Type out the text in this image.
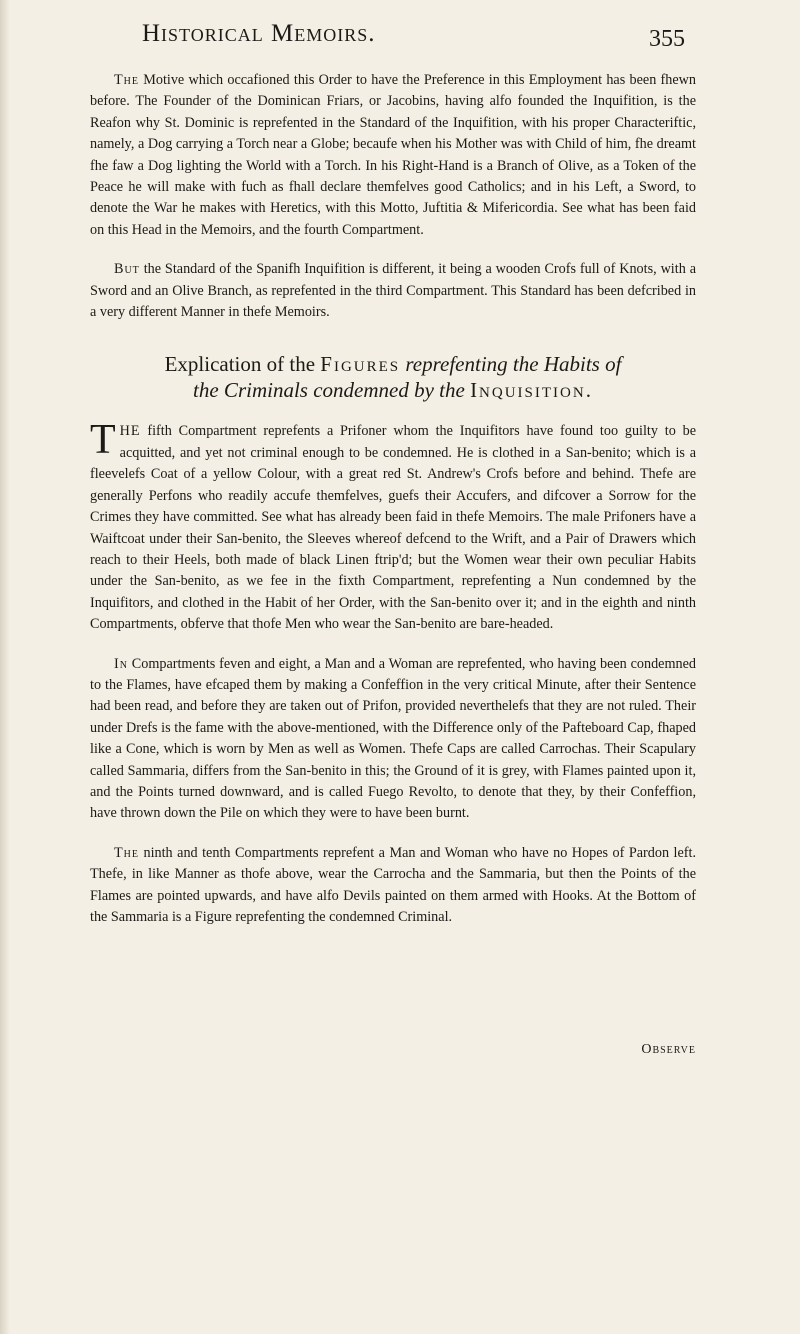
Historical Memoirs.	355

The Motive which occafioned this Order to have the Preference in this Employment has been fhewn before. The Founder of the Dominican Friars, or Jacobins, having alfo founded the Inquifition, is the Reafon why St. Dominic is reprefented in the Standard of the Inquifition, with his proper Characteriftic, namely, a Dog carrying a Torch near a Globe; becaufe when his Mother was with Child of him, fhe dreamt fhe faw a Dog lighting the World with a Torch. In his Right-Hand is a Branch of Olive, as a Token of the Peace he will make with fuch as fhall declare themfelves good Catholics; and in his Left, a Sword, to denote the War he makes with Heretics, with this Motto, Juftitia & Mifericordia. See what has been faid on this Head in the Memoirs, and the fourth Compartment.

But the Standard of the Spanifh Inquifition is different, it being a wooden Crofs full of Knots, with a Sword and an Olive Branch, as reprefented in the third Compartment. This Standard has been defcribed in a very different Manner in thefe Memoirs.

Explication of the Figures reprefenting the Habits of
the Criminals condemned by the Inquisition.

THE fifth Compartment reprefents a Prifoner whom the Inquifitors have found too guilty to be acquitted, and yet not criminal enough to be condemned. He is clothed in a San-benito; which is a fleevelefs Coat of a yellow Colour, with a great red St. Andrew's Crofs before and behind. Thefe are generally Perfons who readily accufe themfelves, guefs their Accufers, and difcover a Sorrow for the Crimes they have committed. See what has already been faid in thefe Memoirs. The male Prifoners have a Waiftcoat under their San-benito, the Sleeves whereof defcend to the Wrift, and a Pair of Drawers which reach to their Heels, both made of black Linen ftrip'd; but the Women wear their own peculiar Habits under the San-benito, as we fee in the fixth Compartment, reprefenting a Nun condemned by the Inquifitors, and clothed in the Habit of her Order, with the San-benito over it; and in the eighth and ninth Compartments, obferve that thofe Men who wear the San-benito are bare-headed.

In Compartments feven and eight, a Man and a Woman are reprefented, who having been condemned to the Flames, have efcaped them by making a Confeffion in the very critical Minute, after their Sentence had been read, and before they are taken out of Prifon, provided neverthelefs that they are not ruled. Their under Drefs is the fame with the above-mentioned, with the Difference only of the Pafteboard Cap, fhaped like a Cone, which is worn by Men as well as Women. Thefe Caps are called Carrochas. Their Scapulary called Sammaria, differs from the San-benito in this; the Ground of it is grey, with Flames painted upon it, and the Points turned downward, and is called Fuego Revolto, to denote that they, by their Confeffion, have thrown down the Pile on which they were to have been burnt.

The ninth and tenth Compartments reprefent a Man and Woman who have no Hopes of Pardon left. Thefe, in like Manner as thofe above, wear the Carrocha and the Sammaria, but then the Points of the Flames are pointed upwards, and have alfo Devils painted on them armed with Hooks. At the Bottom of the Sammaria is a Figure reprefenting the condemned Criminal.

Observe
